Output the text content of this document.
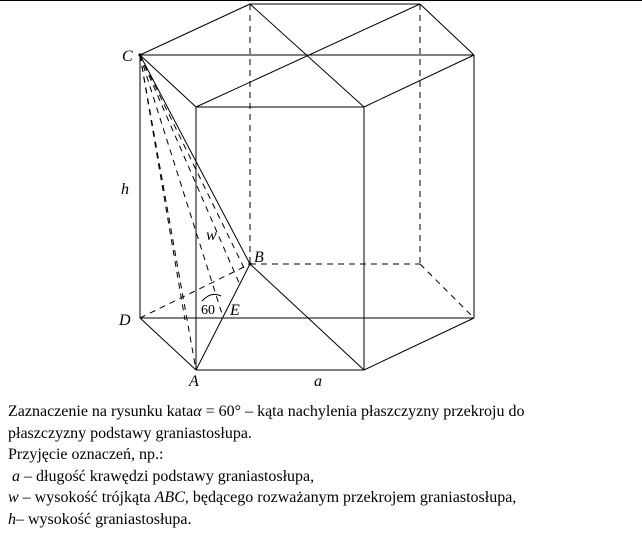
C
h
w
B
D
60 E
A	a

Zaznaczenie na rysunku kataα = 60° – kąta nachylenia płaszczyzny przekroju do

płaszczyzny podstawy graniastosłupa.

Przyjęcie oznaczeń, np.:

a – długość krawędzi podstawy graniastosłupa,

w – wysokość trójkąta ABC, będącego rozważanym przekrojem graniastosłupa,

h– wysokość graniastosłupa.
